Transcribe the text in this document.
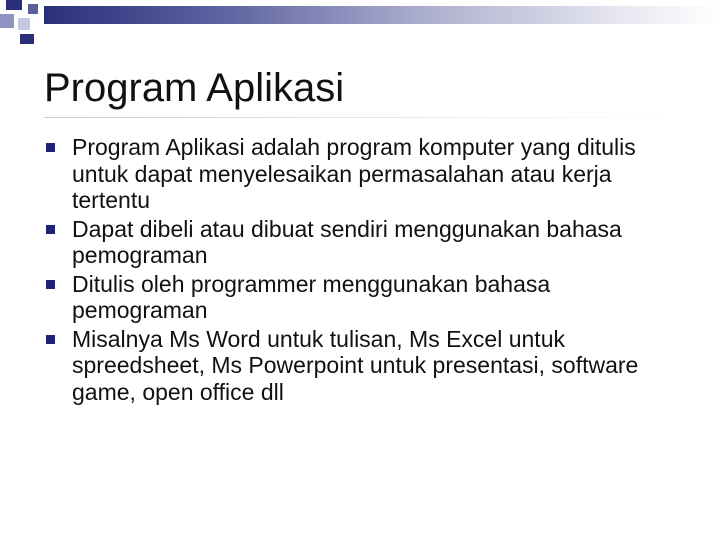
Program Aplikasi
Program Aplikasi adalah program komputer yang ditulis untuk dapat menyelesaikan permasalahan atau kerja tertentu
Dapat dibeli atau dibuat sendiri menggunakan bahasa pemograman
Ditulis oleh programmer menggunakan bahasa pemograman
Misalnya Ms Word untuk tulisan, Ms Excel untuk spreedsheet, Ms Powerpoint untuk presentasi, software game, open office dll
